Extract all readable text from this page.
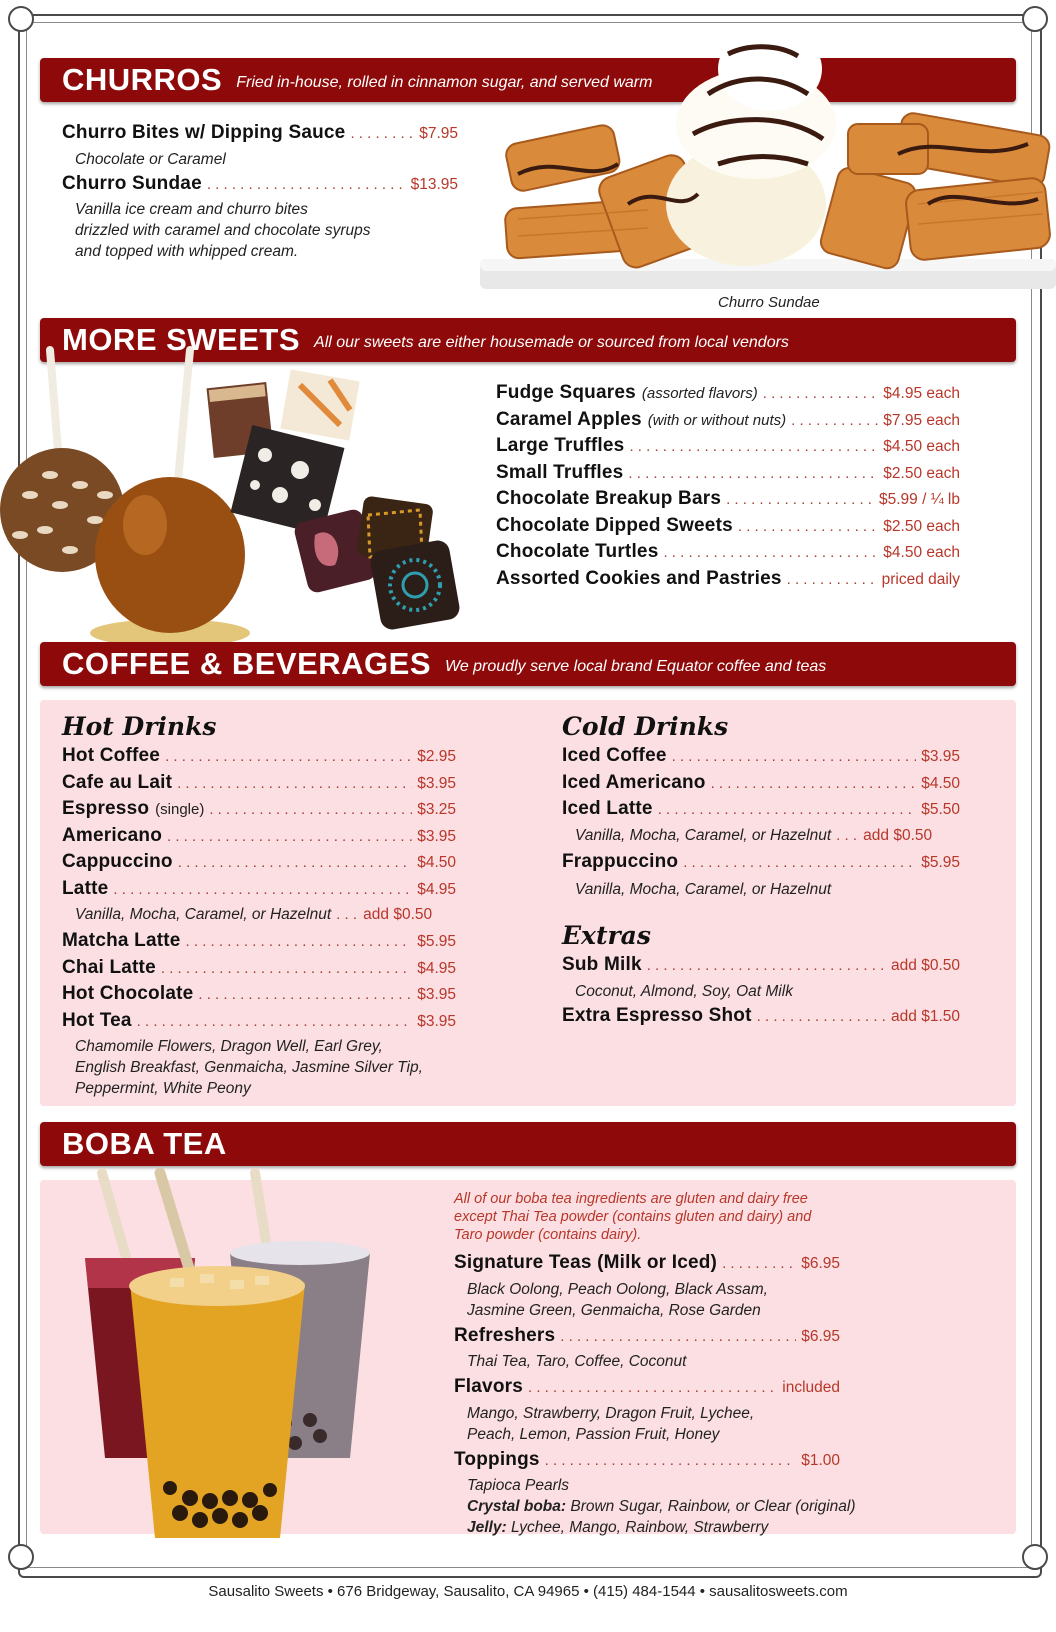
CHURROS Fried in-house, rolled in cinnamon sugar, and served warm
Churro Bites w/ Dipping Sauce . . .	$7.95
Chocolate or Caramel
Churro Sundae . . .	$13.95
Vanilla ice cream and churro bites
drizzled with caramel and chocolate syrups
and topped with whipped cream.
Churro Sundae
MORE SWEETS All our sweets are either housemade or sourced from local vendors
Fudge Squares (assorted flavors) . . .	$4.95 each
Caramel Apples (with or without nuts) . . .	$7.95 each
Large Truffles . . .	$4.50 each
Small Truffles . . .	$2.50 each
Chocolate Breakup Bars . . .	$5.99 / ¼ lb
Chocolate Dipped Sweets . . .	$2.50 each
Chocolate Turtles . . .	$4.50 each
Assorted Cookies and Pastries . . .	priced daily
COFFEE & BEVERAGES We proudly serve local brand Equator coffee and teas
Hot Drinks
Hot Coffee . . .	$2.95
Cafe au Lait . . .	$3.95
Espresso (single) . . .	$3.25
Americano . . .	$3.95
Cappuccino . . .	$4.50
Latte . . .	$4.95
Vanilla, Mocha, Caramel, or Hazelnut . . . add $0.50
Matcha Latte . . .	$5.95
Chai Latte . . .	$4.95
Hot Chocolate . . .	$3.95
Hot Tea . . .	$3.95
Chamomile Flowers, Dragon Well, Earl Grey,
English Breakfast, Genmaicha, Jasmine Silver Tip,
Peppermint, White Peony
Cold Drinks
Iced Coffee . . .	$3.95
Iced Americano . . .	$4.50
Iced Latte . . .	$5.50
Vanilla, Mocha, Caramel, or Hazelnut . . . add $0.50
Frappuccino . . .	$5.95
Vanilla, Mocha, Caramel, or Hazelnut
Extras
Sub Milk . . .	add $0.50
Coconut, Almond, Soy, Oat Milk
Extra Espresso Shot . . .	add $1.50
BOBA TEA
All of our boba tea ingredients are gluten and dairy free
except Thai Tea powder (contains gluten and dairy) and
Taro powder (contains dairy).
Signature Teas (Milk or Iced) . . .	$6.95
Black Oolong, Peach Oolong, Black Assam,
Jasmine Green, Genmaicha, Rose Garden
Refreshers . . .	$6.95
Thai Tea, Taro, Coffee, Coconut
Flavors . . .	included
Mango, Strawberry, Dragon Fruit, Lychee,
Peach, Lemon, Passion Fruit, Honey
Toppings . . .	$1.00
Tapioca Pearls
Crystal boba: Brown Sugar, Rainbow, or Clear (original)
Jelly: Lychee, Mango, Rainbow, Strawberry
Sausalito Sweets • 676 Bridgeway, Sausalito, CA 94965 • (415) 484-1544 • sausalitosweets.com
